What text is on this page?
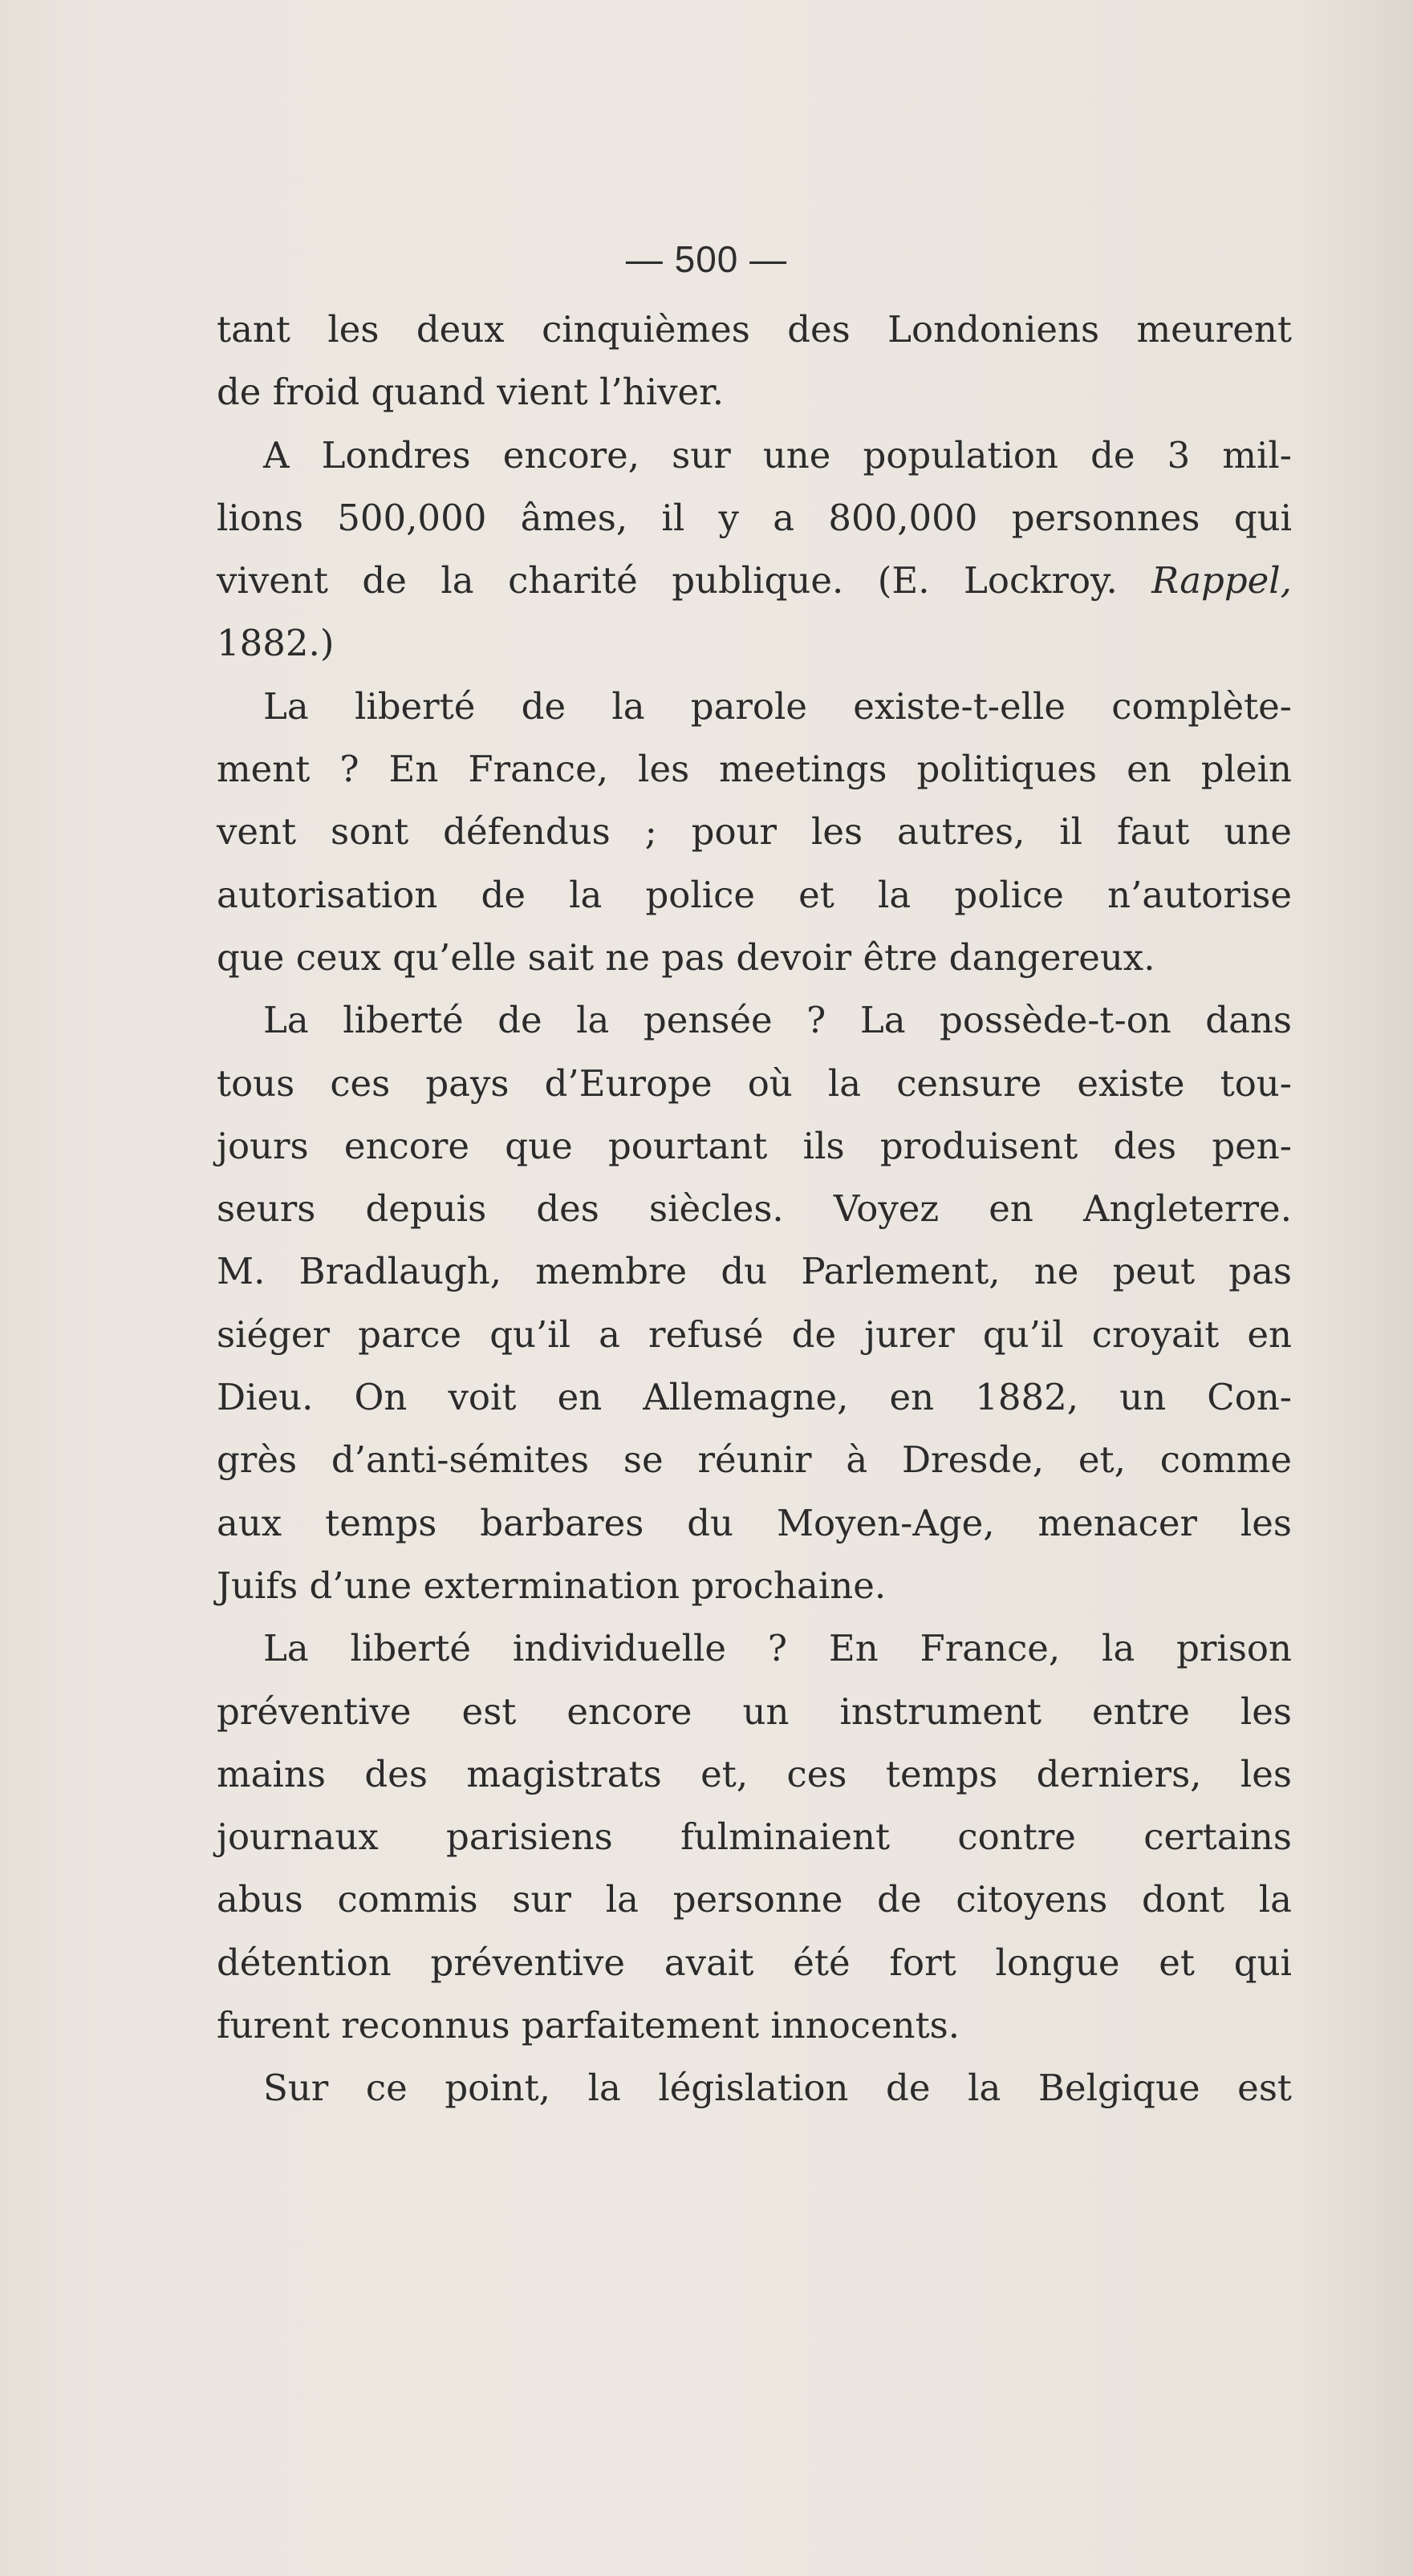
— 500 —
tant les deux cinquièmes des Londoniens meurent
de froid quand vient l’hiver.
A Londres encore, sur une population de 3 mil-
lions 500,000 âmes, il y a 800,000 personnes qui
vivent de la charité publique. (E. Lockroy. Rappel,
1882.)
La liberté de la parole existe-t-elle complète-
ment ? En France, les meetings politiques en plein
vent sont défendus ; pour les autres, il faut une
autorisation de la police et la police n’autorise
que ceux qu’elle sait ne pas devoir être dangereux.
La liberté de la pensée ? La possède-t-on dans
tous ces pays d’Europe où la censure existe tou-
jours encore que pourtant ils produisent des pen-
seurs depuis des siècles. Voyez en Angleterre.
M. Bradlaugh, membre du Parlement, ne peut pas
siéger parce qu’il a refusé de jurer qu’il croyait en
Dieu. On voit en Allemagne, en 1882, un Con-
grès d’anti-sémites se réunir à Dresde, et, comme
aux temps barbares du Moyen-Age, menacer les
Juifs d’une extermination prochaine.
La liberté individuelle ? En France, la prison
préventive est encore un instrument entre les
mains des magistrats et, ces temps derniers, les
journaux parisiens fulminaient contre certains
abus commis sur la personne de citoyens dont la
détention préventive avait été fort longue et qui
furent reconnus parfaitement innocents.
Sur ce point, la législation de la Belgique est
